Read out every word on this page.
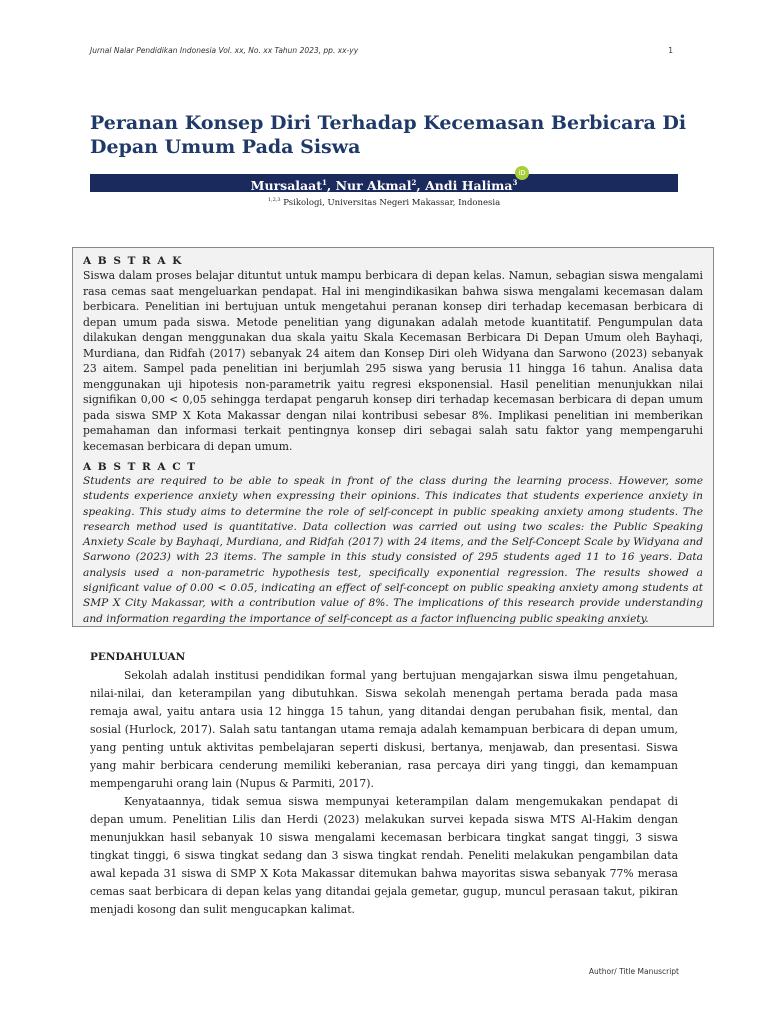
Jurnal Nalar Pendidikan Indonesia Vol. xx, No. xx Tahun 2023, pp. xx-yy	1
Peranan Konsep Diri Terhadap Kecemasan Berbicara Di Depan Umum Pada Siswa
Mursalaat$^1$, Nur Akmal$^2$, Andi Halima$^3$
iD
$^{1,2,3}$ Psikologi, Universitas Negeri Makassar, Indonesia
A B S T R A K

Siswa dalam proses belajar dituntut untuk mampu berbicara di depan kelas. Namun, sebagian siswa mengalami rasa cemas saat mengeluarkan pendapat. Hal ini mengindikasikan bahwa siswa mengalami kecemasan dalam berbicara. Penelitian ini bertujuan untuk mengetahui peranan konsep diri terhadap kecemasan berbicara di depan umum pada siswa. Metode penelitian yang digunakan adalah metode kuantitatif. Pengumpulan data dilakukan dengan menggunakan dua skala yaitu Skala Kecemasan Berbicara Di Depan Umum oleh Bayhaqi, Murdiana, dan Ridfah (2017) sebanyak 24 aitem dan Konsep Diri oleh Widyana dan Sarwono (2023) sebanyak 23 aitem. Sampel pada penelitian ini berjumlah 295 siswa yang berusia 11 hingga 16 tahun. Analisa data menggunakan uji hipotesis non-parametrik yaitu regresi eksponensial. Hasil penelitian menunjukkan nilai signifikan 0,00 < 0,05 sehingga terdapat pengaruh konsep diri terhadap kecemasan berbicara di depan umum pada siswa SMP X Kota Makassar dengan nilai kontribusi sebesar 8%. Implikasi penelitian ini memberikan pemahaman dan informasi terkait pentingnya konsep diri sebagai salah satu faktor yang mempengaruhi kecemasan berbicara di depan umum.

A B S T R A C T

Students are required to be able to speak in front of the class during the learning process. However, some students experience anxiety when expressing their opinions. This indicates that students experience anxiety in speaking. This study aims to determine the role of self-concept in public speaking anxiety among students. The research method used is quantitative. Data collection was carried out using two scales: the Public Speaking Anxiety Scale by Bayhaqi, Murdiana, and Ridfah (2017) with 24 items, and the Self-Concept Scale by Widyana and Sarwono (2023) with 23 items. The sample in this study consisted of 295 students aged 11 to 16 years. Data analysis used a non-parametric hypothesis test, specifically exponential regression. The results showed a significant value of 0.00 < 0.05, indicating an effect of self-concept on public speaking anxiety among students at SMP X City Makassar, with a contribution value of 8%. The implications of this research provide understanding and information regarding the importance of self-concept as a factor influencing public speaking anxiety.

PENDAHULUAN

Sekolah adalah institusi pendidikan formal yang bertujuan mengajarkan siswa ilmu pengetahuan, nilai-nilai, dan keterampilan yang dibutuhkan. Siswa sekolah menengah pertama berada pada masa remaja awal, yaitu antara usia 12 hingga 15 tahun, yang ditandai dengan perubahan fisik, mental, dan sosial (Hurlock, 2017). Salah satu tantangan utama remaja adalah kemampuan berbicara di depan umum, yang penting untuk aktivitas pembelajaran seperti diskusi, bertanya, menjawab, dan presentasi. Siswa yang mahir berbicara cenderung memiliki keberanian, rasa percaya diri yang tinggi, dan kemampuan mempengaruhi orang lain (Nupus & Parmiti, 2017).

Kenyataannya, tidak semua siswa mempunyai keterampilan dalam mengemukakan pendapat di depan umum. Penelitian Lilis dan Herdi (2023) melakukan survei kepada siswa MTS Al-Hakim dengan menunjukkan hasil sebanyak 10 siswa mengalami kecemasan berbicara tingkat sangat tinggi, 3 siswa tingkat tinggi, 6 siswa tingkat sedang dan 3 siswa tingkat rendah. Peneliti melakukan pengambilan data awal kepada 31 siswa di SMP X Kota Makassar ditemukan bahwa mayoritas siswa sebanyak 77% merasa cemas saat berbicara di depan kelas yang ditandai gejala gemetar, gugup, muncul perasaan takut, pikiran menjadi kosong dan sulit mengucapkan kalimat.

Author/ Title Manuscript
